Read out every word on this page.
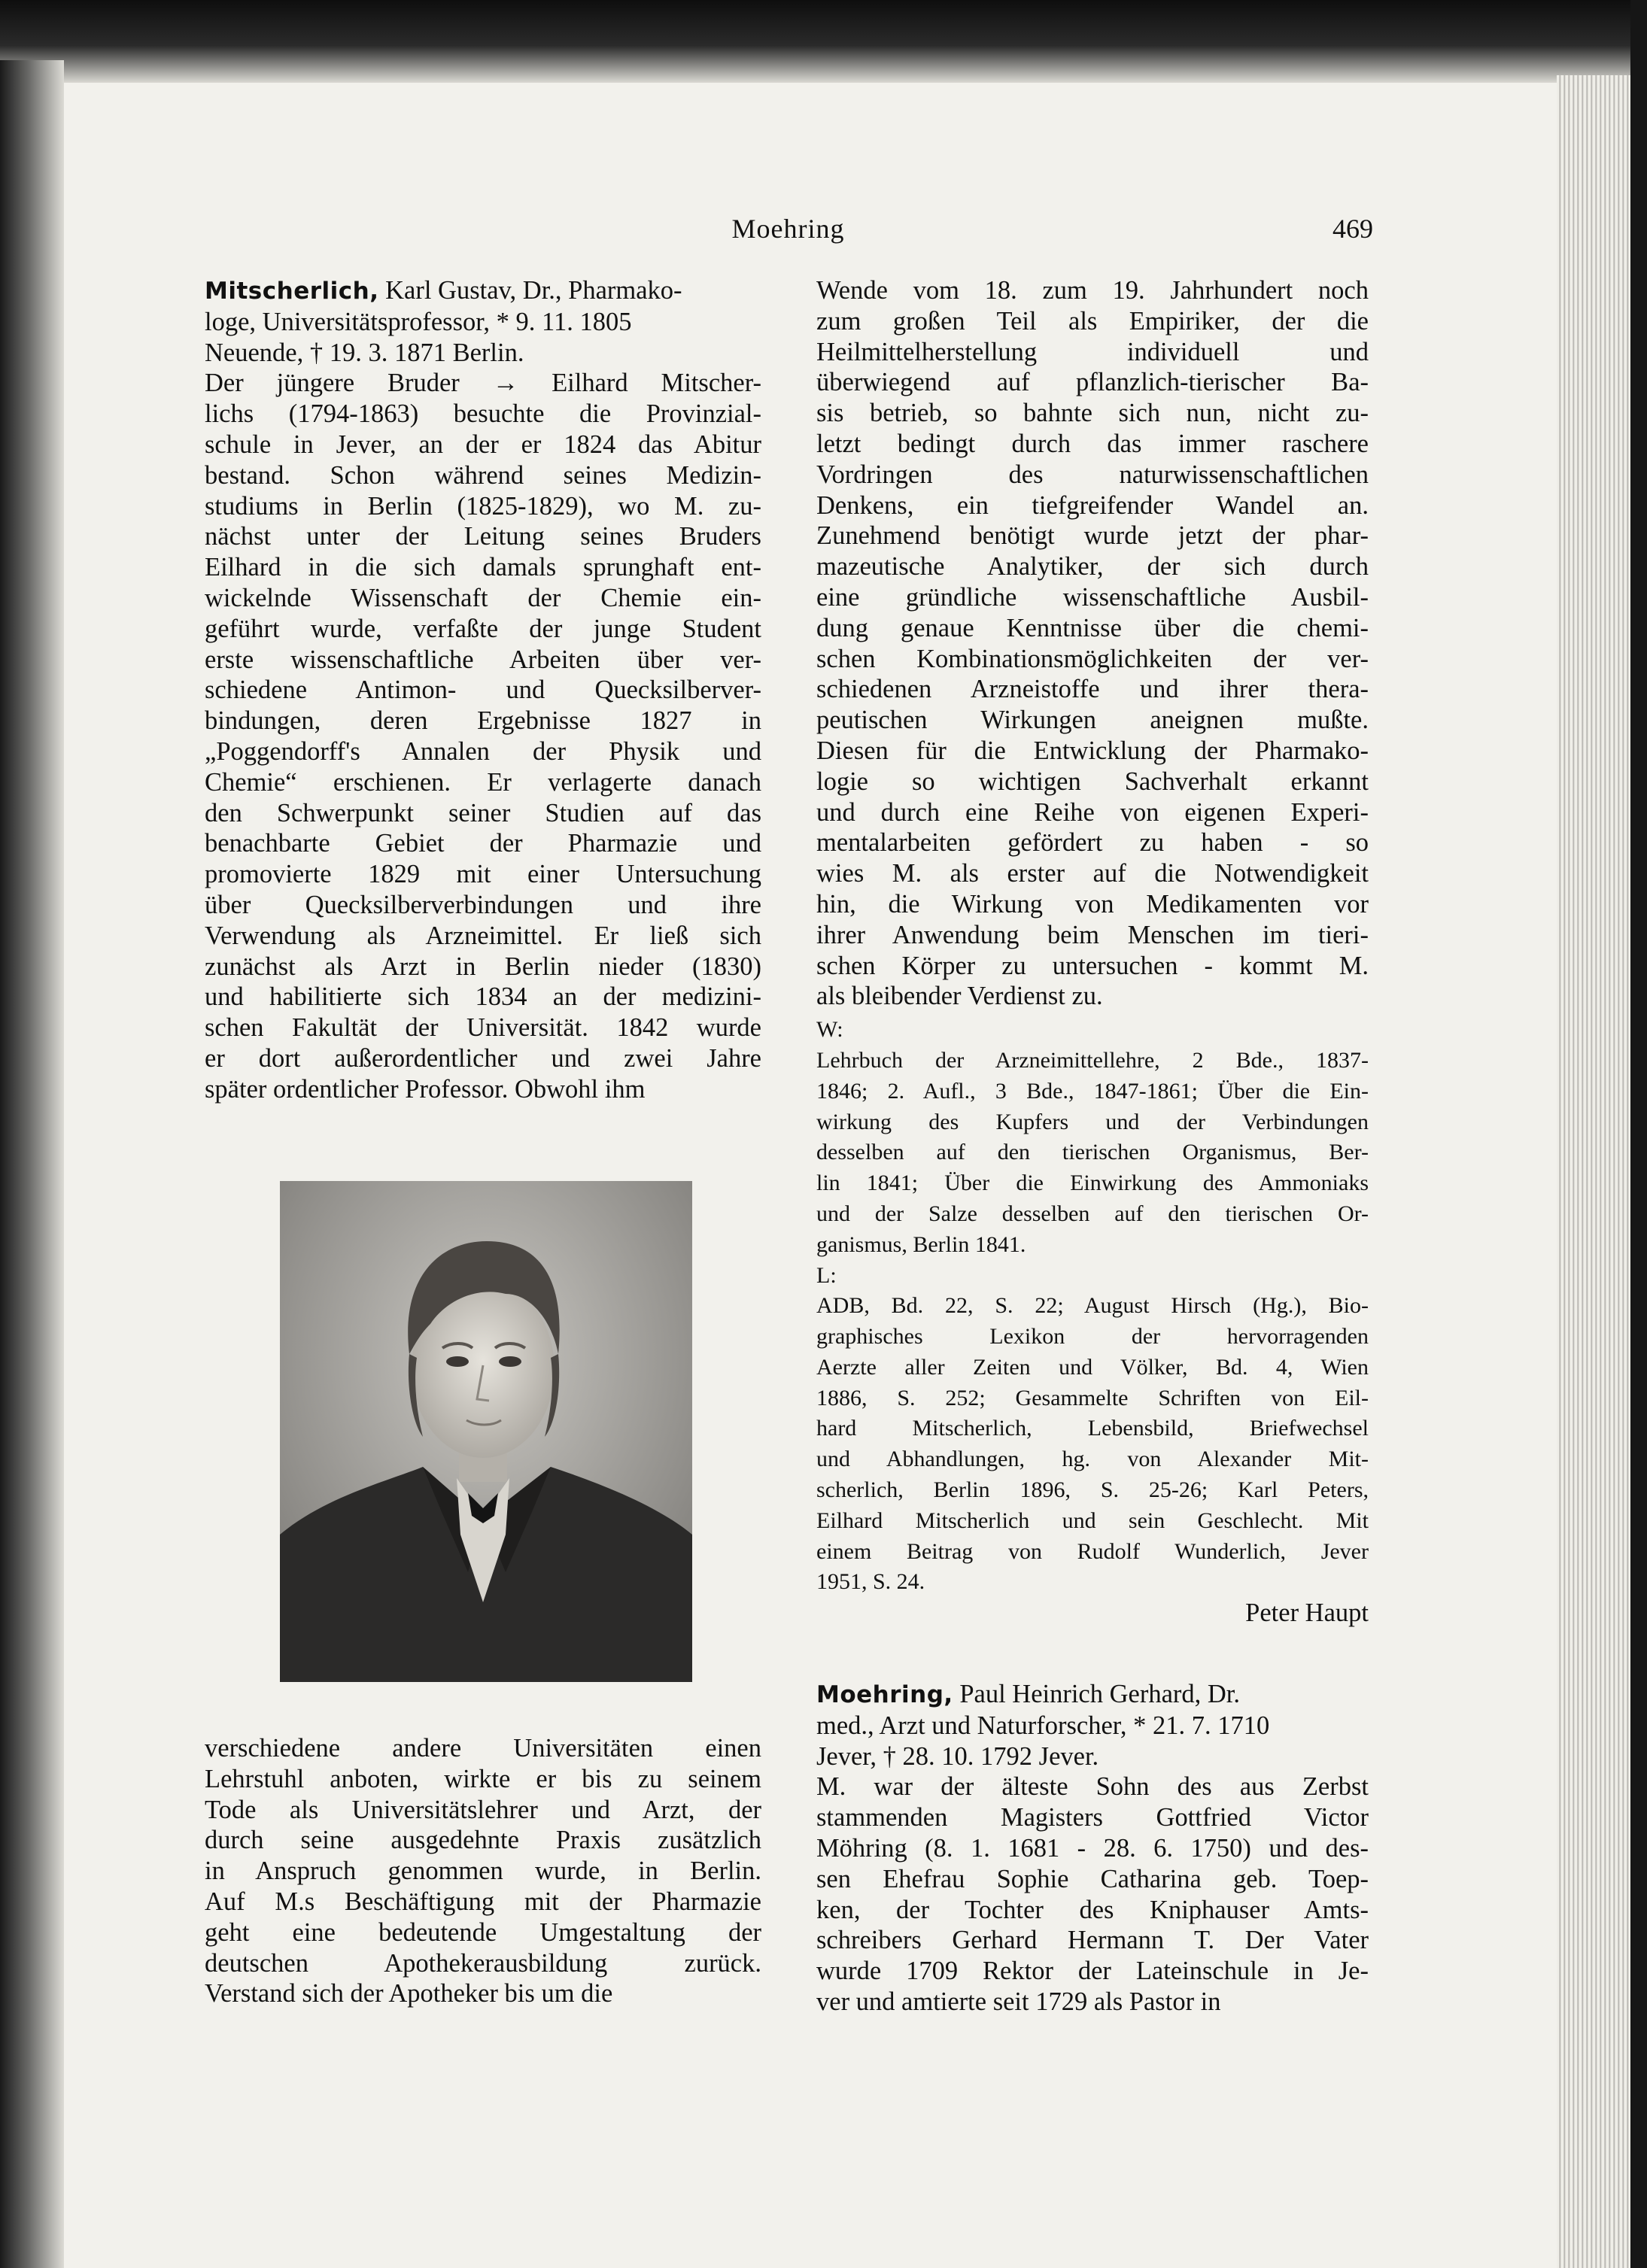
Moehring	469

Mitscherlich, Karl Gustav, Dr., Pharmako-
loge, Universitätsprofessor, * 9. 11. 1805
Neuende, † 19. 3. 1871 Berlin.

Der jüngere Bruder → Eilhard Mitscher-
lichs (1794-1863) besuchte die Provinzial-
schule in Jever, an der er 1824 das Abitur
bestand. Schon während seines Medizin-
studiums in Berlin (1825-1829), wo M. zu-
nächst unter der Leitung seines Bruders
Eilhard in die sich damals sprunghaft ent-
wickelnde Wissenschaft der Chemie ein-
geführt wurde, verfaßte der junge Student
erste wissenschaftliche Arbeiten über ver-
schiedene Antimon- und Quecksilberver-
bindungen, deren Ergebnisse 1827 in
„Poggendorff's Annalen der Physik und
Chemie“ erschienen. Er verlagerte danach
den Schwerpunkt seiner Studien auf das
benachbarte Gebiet der Pharmazie und
promovierte 1829 mit einer Untersuchung
über Quecksilberverbindungen und ihre
Verwendung als Arzneimittel. Er ließ sich
zunächst als Arzt in Berlin nieder (1830)
und habilitierte sich 1834 an der medizini-
schen Fakultät der Universität. 1842 wurde
er dort außerordentlicher und zwei Jahre
später ordentlicher Professor. Obwohl ihm
verschiedene andere Universitäten einen
Lehrstuhl anboten, wirkte er bis zu seinem
Tode als Universitätslehrer und Arzt, der
durch seine ausgedehnte Praxis zusätzlich
in Anspruch genommen wurde, in Berlin.
Auf M.s Beschäftigung mit der Pharmazie
geht eine bedeutende Umgestaltung der
deutschen Apothekerausbildung zurück.
Verstand sich der Apotheker bis um die
Wende vom 18. zum 19. Jahrhundert noch
zum großen Teil als Empiriker, der die
Heilmittelherstellung individuell und
überwiegend auf pflanzlich-tierischer Ba-
sis betrieb, so bahnte sich nun, nicht zu-
letzt bedingt durch das immer raschere
Vordringen des naturwissenschaftlichen
Denkens, ein tiefgreifender Wandel an.
Zunehmend benötigt wurde jetzt der phar-
mazeutische Analytiker, der sich durch
eine gründliche wissenschaftliche Ausbil-
dung genaue Kenntnisse über die chemi-
schen Kombinationsmöglichkeiten der ver-
schiedenen Arzneistoffe und ihrer thera-
peutischen Wirkungen aneignen mußte.
Diesen für die Entwicklung der Pharmako-
logie so wichtigen Sachverhalt erkannt
und durch eine Reihe von eigenen Experi-
mentalarbeiten gefördert zu haben - so
wies M. als erster auf die Notwendigkeit
hin, die Wirkung von Medikamenten vor
ihrer Anwendung beim Menschen im tieri-
schen Körper zu untersuchen - kommt M.
als bleibender Verdienst zu.

W:

Lehrbuch der Arzneimittellehre, 2 Bde., 1837-
1846; 2. Aufl., 3 Bde., 1847-1861; Über die Ein-
wirkung des Kupfers und der Verbindungen
desselben auf den tierischen Organismus, Ber-
lin 1841; Über die Einwirkung des Ammoniaks
und der Salze desselben auf den tierischen Or-
ganismus, Berlin 1841.

L:

ADB, Bd. 22, S. 22; August Hirsch (Hg.), Bio-
graphisches Lexikon der hervorragenden
Aerzte aller Zeiten und Völker, Bd. 4, Wien
1886, S. 252; Gesammelte Schriften von Eil-
hard Mitscherlich, Lebensbild, Briefwechsel
und Abhandlungen, hg. von Alexander Mit-
scherlich, Berlin 1896, S. 25-26; Karl Peters,
Eilhard Mitscherlich und sein Geschlecht. Mit
einem Beitrag von Rudolf Wunderlich, Jever
1951, S. 24.

Peter Haupt

Moehring, Paul Heinrich Gerhard, Dr.
med., Arzt und Naturforscher, * 21. 7. 1710
Jever, † 28. 10. 1792 Jever.

M. war der älteste Sohn des aus Zerbst
stammenden Magisters Gottfried Victor
Möhring (8. 1. 1681 - 28. 6. 1750) und des-
sen Ehefrau Sophie Catharina geb. Toep-
ken, der Tochter des Kniphauser Amts-
schreibers Gerhard Hermann T. Der Vater
wurde 1709 Rektor der Lateinschule in Je-
ver und amtierte seit 1729 als Pastor in
